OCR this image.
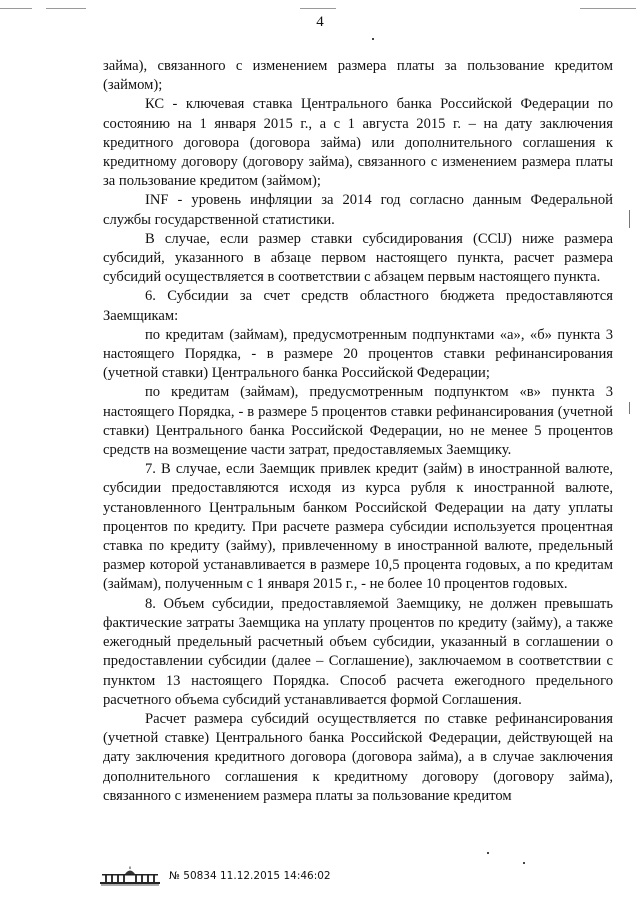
4

займа), связанного с изменением размера платы за пользование кредитом (займом);

КС - ключевая ставка Центрального банка Российской Федерации по состоянию на 1 января 2015 г., а с 1 августа 2015 г. – на дату заключения кредитного договора (договора займа) или дополнительного соглашения к кредитному договору (договору займа), связанного с изменением размера платы за пользование кредитом (займом);

INF - уровень инфляции за 2014 год согласно данным Федеральной службы государственной статистики.

В случае, если размер ставки субсидирования (ССlJ) ниже размера субсидий, указанного в абзаце первом настоящего пункта, расчет размера субсидий осуществляется в соответствии с абзацем первым настоящего пункта.

6. Субсидии за счет средств областного бюджета предоставляются Заемщикам:

по кредитам (займам), предусмотренным подпунктами «а», «б» пункта 3 настоящего Порядка, - в размере 20 процентов ставки рефинансирования (учетной ставки) Центрального банка Российской Федерации;

по кредитам (займам), предусмотренным подпунктом «в» пункта 3 настоящего Порядка, - в размере 5 процентов ставки рефинансирования (учетной ставки) Центрального банка Российской Федерации, но не менее 5 процентов средств на возмещение части затрат, предоставляемых Заемщику.

7. В случае, если Заемщик привлек кредит (займ) в иностранной валюте, субсидии предоставляются исходя из курса рубля к иностранной валюте, установленного Центральным банком Российской Федерации на дату уплаты процентов по кредиту. При расчете размера субсидии используется процентная ставка по кредиту (займу), привлеченному в иностранной валюте, предельный размер которой устанавливается в размере 10,5 процента годовых, а по кредитам (займам), полученным с 1 января 2015 г., - не более 10 процентов годовых.

8. Объем субсидии, предоставляемой Заемщику, не должен превышать фактические затраты Заемщика на уплату процентов по кредиту (займу), а также ежегодный предельный расчетный объем субсидии, указанный в соглашении о предоставлении субсидии (далее – Соглашение), заключаемом в соответствии с пунктом 13 настоящего Порядка. Способ расчета ежегодного предельного расчетного объема субсидий устанавливается формой Соглашения.

Расчет размера субсидий осуществляется по ставке рефинансирования (учетной ставке) Центрального банка Российской Федерации, действующей на дату заключения кредитного договора (договора займа), а в случае заключения дополнительного соглашения к кредитному договору (договору займа), связанного с изменением размера платы за пользование кредитом

№ 50834 11.12.2015 14:46:02
